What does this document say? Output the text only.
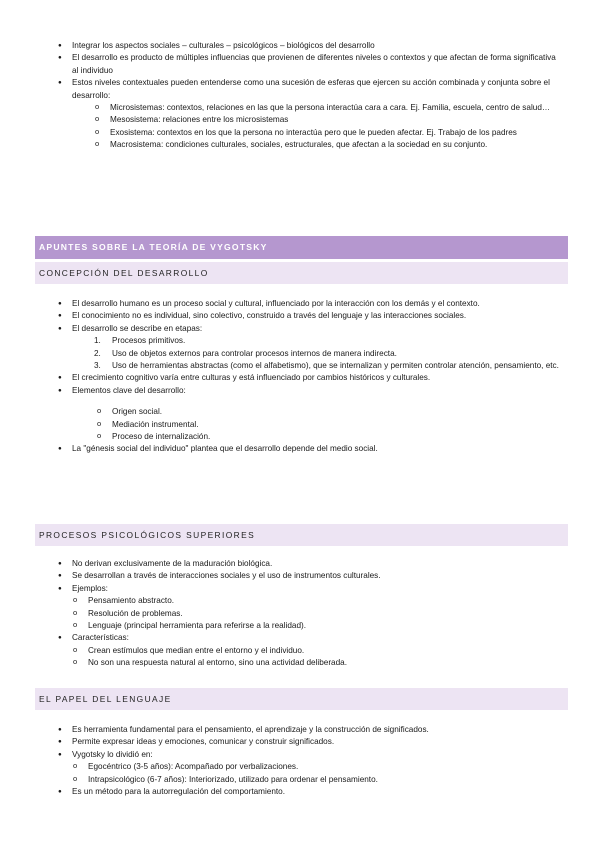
● Integrar los aspectos sociales – culturales – psicológicos – biológicos del desarrollo
● El desarrollo es producto de múltiples influencias que provienen de diferentes niveles o contextos y que afectan de forma significativa al individuo
● Estos niveles contextuales pueden entenderse como una sucesión de esferas que ejercen su acción combinada y conjunta sobre el desarrollo:
o Microsistemas: contextos, relaciones en las que la persona interactúa cara a cara. Ej. Familia, escuela, centro de salud…
o Mesosistema: relaciones entre los microsistemas
o Exosistema: contextos en los que la persona no interactúa pero que le pueden afectar. Ej. Trabajo de los padres
o Macrosistema: condiciones culturales, sociales, estructurales, que afectan a la sociedad en su conjunto.
APUNTES SOBRE LA TEORÍA DE VYGOTSKY
CONCEPCIÓN DEL DESARROLLO
● El desarrollo humano es un proceso social y cultural, influenciado por la interacción con los demás y el contexto.
● El conocimiento no es individual, sino colectivo, construido a través del lenguaje y las interacciones sociales.
● El desarrollo se describe en etapas:
1. Procesos primitivos.
2. Uso de objetos externos para controlar procesos internos de manera indirecta.
3. Uso de herramientas abstractas (como el alfabetismo), que se internalizan y permiten controlar atención, pensamiento, etc.
● El crecimiento cognitivo varía entre culturas y está influenciado por cambios históricos y culturales.
● Elementos clave del desarrollo:
o Origen social.
o Mediación instrumental.
o Proceso de internalización.
● La "génesis social del individuo" plantea que el desarrollo depende del medio social.
PROCESOS PSICOLÓGICOS SUPERIORES
● No derivan exclusivamente de la maduración biológica.
● Se desarrollan a través de interacciones sociales y el uso de instrumentos culturales.
● Ejemplos:
o Pensamiento abstracto.
o Resolución de problemas.
o Lenguaje (principal herramienta para referirse a la realidad).
● Características:
o Crean estímulos que median entre el entorno y el individuo.
o No son una respuesta natural al entorno, sino una actividad deliberada.
EL PAPEL DEL LENGUAJE
● Es herramienta fundamental para el pensamiento, el aprendizaje y la construcción de significados.
● Permite expresar ideas y emociones, comunicar y construir significados.
● Vygotsky lo dividió en:
o Egocéntrico (3-5 años): Acompañado por verbalizaciones.
o Intrapsicológico (6-7 años): Interiorizado, utilizado para ordenar el pensamiento.
● Es un método para la autorregulación del comportamiento.
